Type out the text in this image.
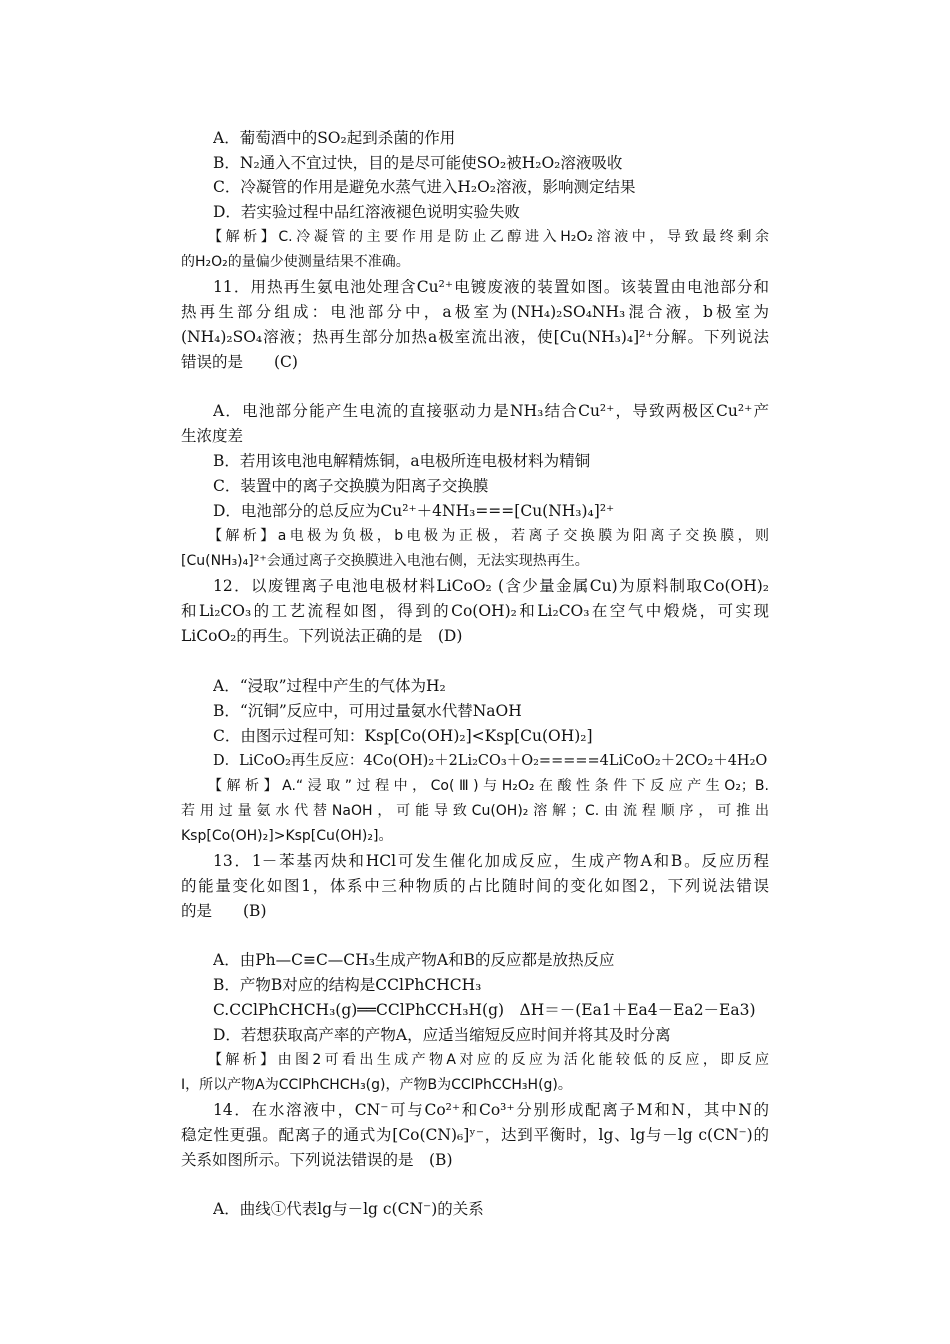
A．葡萄酒中的SO₂起到杀菌的作用
B．N₂通入不宜过快，目的是尽可能使SO₂被H₂O₂溶液吸收
C．冷凝管的作用是避免水蒸气进入H₂O₂溶液，影响测定结果
D．若实验过程中品红溶液褪色说明实验失败
【解析】C.冷凝管的主要作用是防止乙醇进入H₂O₂溶液中，导致最终剩余
的H₂O₂的量偏少使测量结果不准确。
11．用热再生氨电池处理含Cu²⁺电镀废液的装置如图。该装置由电池部分和
热再生部分组成：电池部分中，a极室为(NH₄)₂SO₄NH₃混合液，b极室为
(NH₄)₂SO₄溶液；热再生部分加热a极室流出液，使[Cu(NH₃)₄]²⁺分解。下列说法
错误的是　　(C)
A．电池部分能产生电流的直接驱动力是NH₃结合Cu²⁺，导致两极区Cu²⁺产
生浓度差
B．若用该电池电解精炼铜，a电极所连电极材料为精铜
C．装置中的离子交换膜为阳离子交换膜
D．电池部分的总反应为Cu²⁺＋4NH₃===[Cu(NH₃)₄]²⁺
【解析】a电极为负极，b电极为正极，若离子交换膜为阳离子交换膜，则
[Cu(NH₃)₄]²⁺会通过离子交换膜进入电池右侧，无法实现热再生。
12．以废锂离子电池电极材料LiCoO₂ (含少量金属Cu)为原料制取Co(OH)₂
和Li₂CO₃的工艺流程如图，得到的Co(OH)₂和Li₂CO₃在空气中煅烧，可实现
LiCoO₂的再生。下列说法正确的是　(D)
A．“浸取”过程中产生的气体为H₂
B．“沉铜”反应中，可用过量氨水代替NaOH
C．由图示过程可知：Ksp[Co(OH)₂]<Ksp[Cu(OH)₂]
D．LiCoO₂再生反应：4Co(OH)₂＋2Li₂CO₃＋O₂=====4LiCoO₂＋2CO₂＋4H₂O
【解析】A.“浸取”过程中，Co(Ⅲ)与H₂O₂在酸性条件下反应产生O₂；B.
若用过量氨水代替NaOH，可能导致Cu(OH)₂溶解；C.由流程顺序，可推出
Ksp[Co(OH)₂]>Ksp[Cu(OH)₂]。
13．1－苯基丙炔和HCl可发生催化加成反应，生成产物A和B。反应历程
的能量变化如图1，体系中三种物质的占比随时间的变化如图2，下列说法错误
的是　　(B)
A．由Ph—C≡C—CH₃生成产物A和B的反应都是放热反应
B．产物B对应的结构是CClPhCHCH₃
C.CClPhCHCH₃(g)══CClPhCCH₃H(g)　ΔH＝－(Ea1＋Ea4－Ea2－Ea3)
D．若想获取高产率的产物A，应适当缩短反应时间并将其及时分离
【解析】由图2可看出生成产物A对应的反应为活化能较低的反应，即反应
Ⅰ，所以产物A为CClPhCHCH₃(g)，产物B为CClPhCCH₃H(g)。
14．在水溶液中，CN⁻可与Co²⁺和Co³⁺分别形成配离子M和N，其中N的
稳定性更强。配离子的通式为[Co(CN)₆]ʸ⁻，达到平衡时，lg、lg与－lg c(CN⁻)的
关系如图所示。下列说法错误的是　(B)
A．曲线①代表lg与－lg c(CN⁻)的关系
